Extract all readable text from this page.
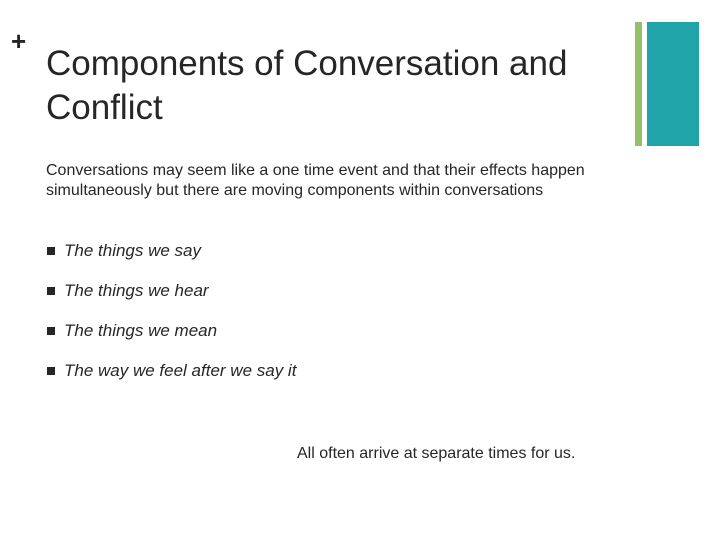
+
Components of Conversation and Conflict

Conversations may seem like a one time event and that their effects happen simultaneously but there are moving components within conversations

The things we say
The things we hear
The things we mean
The way we feel after we say it

All often arrive at separate times for us.
